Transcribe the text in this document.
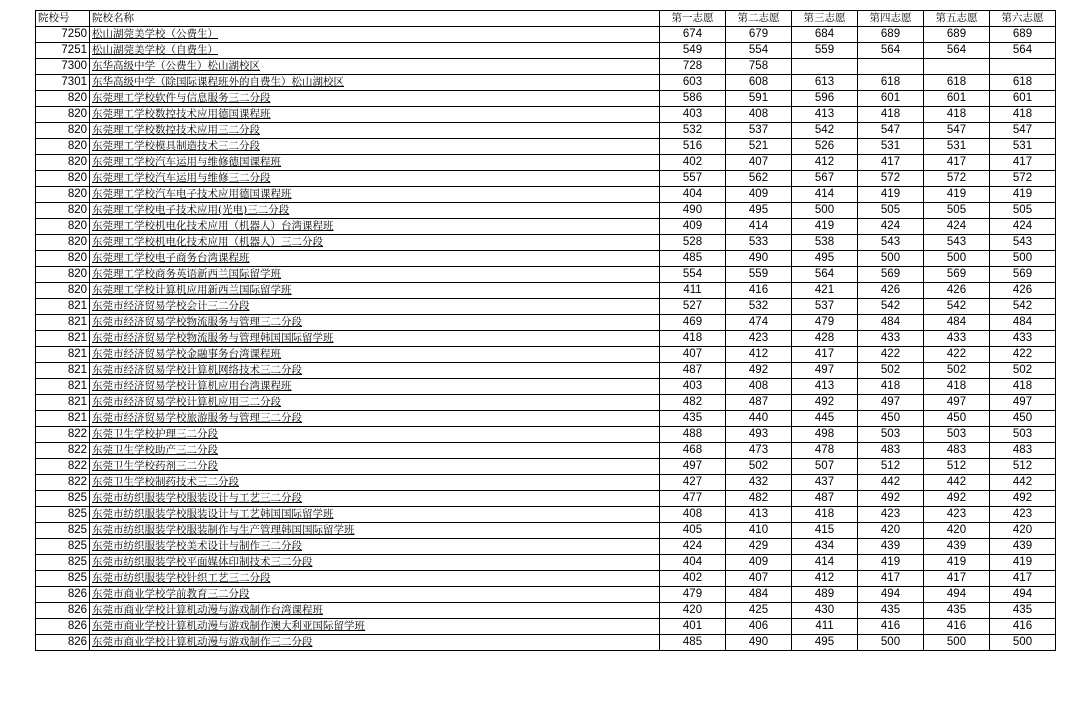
院校号	院校名称	第一志愿	第二志愿	第三志愿	第四志愿	第五志愿	第六志愿
7250	松山湖莞美学校（公费生）	674	679	684	689	689	689
7251	松山湖莞美学校（自费生）	549	554	559	564	564	564
7300	东华高级中学（公费生）松山湖校区	728	758				
7301	东华高级中学（除国际课程班外的自费生）松山湖校区	603	608	613	618	618	618
820	东莞理工学校软件与信息服务三二分段	586	591	596	601	601	601
820	东莞理工学校数控技术应用德国课程班	403	408	413	418	418	418
820	东莞理工学校数控技术应用三二分段	532	537	542	547	547	547
820	东莞理工学校模具制造技术三二分段	516	521	526	531	531	531
820	东莞理工学校汽车运用与维修德国课程班	402	407	412	417	417	417
820	东莞理工学校汽车运用与维修三二分段	557	562	567	572	572	572
820	东莞理工学校汽车电子技术应用德国课程班	404	409	414	419	419	419
820	东莞理工学校电子技术应用(光电)三二分段	490	495	500	505	505	505
820	东莞理工学校机电化技术应用（机器人）台湾课程班	409	414	419	424	424	424
820	东莞理工学校机电化技术应用（机器人）三二分段	528	533	538	543	543	543
820	东莞理工学校电子商务台湾课程班	485	490	495	500	500	500
820	东莞理工学校商务英语新西兰国际留学班	554	559	564	569	569	569
820	东莞理工学校计算机应用新西兰国际留学班	411	416	421	426	426	426
821	东莞市经济贸易学校会计三二分段	527	532	537	542	542	542
821	东莞市经济贸易学校物流服务与管理三二分段	469	474	479	484	484	484
821	东莞市经济贸易学校物流服务与管理韩国国际留学班	418	423	428	433	433	433
821	东莞市经济贸易学校金融事务台湾课程班	407	412	417	422	422	422
821	东莞市经济贸易学校计算机网络技术三二分段	487	492	497	502	502	502
821	东莞市经济贸易学校计算机应用台湾课程班	403	408	413	418	418	418
821	东莞市经济贸易学校计算机应用三二分段	482	487	492	497	497	497
821	东莞市经济贸易学校旅游服务与管理三二分段	435	440	445	450	450	450
822	东莞卫生学校护理三二分段	488	493	498	503	503	503
822	东莞卫生学校助产三二分段	468	473	478	483	483	483
822	东莞卫生学校药剂三二分段	497	502	507	512	512	512
822	东莞卫生学校制药技术三二分段	427	432	437	442	442	442
825	东莞市纺织服装学校服装设计与工艺三二分段	477	482	487	492	492	492
825	东莞市纺织服装学校服装设计与工艺韩国国际留学班	408	413	418	423	423	423
825	东莞市纺织服装学校服装制作与生产管理韩国国际留学班	405	410	415	420	420	420
825	东莞市纺织服装学校美术设计与制作三二分段	424	429	434	439	439	439
825	东莞市纺织服装学校平面媒体印制技术三二分段	404	409	414	419	419	419
825	东莞市纺织服装学校针织工艺三二分段	402	407	412	417	417	417
826	东莞市商业学校学前教育三二分段	479	484	489	494	494	494
826	东莞市商业学校计算机动漫与游戏制作台湾课程班	420	425	430	435	435	435
826	东莞市商业学校计算机动漫与游戏制作澳大利亚国际留学班	401	406	411	416	416	416
826	东莞市商业学校计算机动漫与游戏制作三二分段	485	490	495	500	500	500
